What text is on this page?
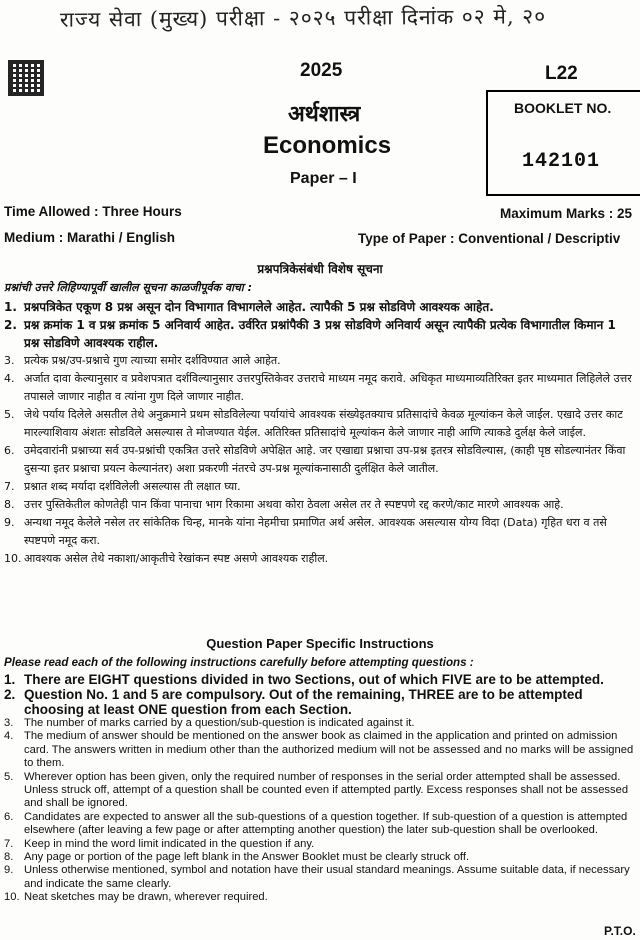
राज्य सेवा (मुख्य) परीक्षा - २०२५ परीक्षा दिनांक ०२ मे, २०
2025	L22
अर्थशास्त्र
Economics
Paper – I
BOOKLET NO.
142101
Time Allowed : Three Hours	Maximum Marks : 25
Medium : Marathi / English	Type of Paper : Conventional / Descriptiv
प्रश्नपत्रिकेसंबंधी विशेष सूचना
प्रश्नांची उत्तरे लिहिण्यापूर्वी खालील सूचना काळजीपूर्वक वाचा :
1. प्रश्नपत्रिकेत एकूण 8 प्रश्न असून दोन विभागात विभागलेले आहेत. त्यापैकी 5 प्रश्न सोडविणे आवश्यक आहेत.
2. प्रश्न क्रमांक 1 व प्रश्न क्रमांक 5 अनिवार्य आहेत. उर्वरित प्रश्नांपैकी 3 प्रश्न सोडविणे अनिवार्य असून त्यापैकी प्रत्येक विभागातील किमान 1 प्रश्न सोडविणे आवश्यक राहील.
3. प्रत्येक प्रश्न/उप-प्रश्नाचे गुण त्याच्या समोर दर्शविण्यात आले आहेत.
4. अर्जात दावा केल्यानुसार व प्रवेशपत्रात दर्शविल्यानुसार उत्तरपुस्तिकेवर उत्तराचे माध्यम नमूद करावे. अधिकृत माध्यमाव्यतिरिक्त इतर माध्यमात लिहिलेले उत्तर तपासले जाणार नाहीत व त्यांना गुण दिले जाणार नाहीत.
5. जेथे पर्याय दिलेले असतील तेथे अनुक्रमाने प्रथम सोडविलेल्या पर्यायांचे आवश्यक संख्येइतक्याच प्रतिसादांचे केवळ मूल्यांकन केले जाईल. एखादे उत्तर काट मारल्याशिवाय अंशतः सोडविले असल्यास ते मोजण्यात येईल. अतिरिक्त प्रतिसादांचे मूल्यांकन केले जाणार नाही आणि त्याकडे दुर्लक्ष केले जाईल.
6. उमेदवारांनी प्रश्नाच्या सर्व उप-प्रश्नांची एकत्रित उत्तरे सोडविणे अपेक्षित आहे. जर एखाद्या प्रश्नाचा उप-प्रश्न इतरत्र सोडविल्यास, (काही पृष्ठ सोडल्यानंतर किंवा दुसऱ्या इतर प्रश्नाचा प्रयत्न केल्यानंतर) अशा प्रकरणी नंतरचे उप-प्रश्न मूल्यांकनासाठी दुर्लक्षित केले जातील.
7. प्रश्नात शब्द मर्यादा दर्शविलेली असल्यास ती लक्षात घ्या.
8. उत्तर पुस्तिकेतील कोणतेही पान किंवा पानाचा भाग रिकामा अथवा कोरा ठेवला असेल तर ते स्पष्टपणे रद्द करणे/काट मारणे आवश्यक आहे.
9. अन्यथा नमूद केलेले नसेल तर सांकेतिक चिन्ह, मानके यांना नेहमीचा प्रमाणित अर्थ असेल. आवश्यक असल्यास योग्य विदा (Data) गृहित धरा व तसे स्पष्टपणे नमूद करा.
10. आवश्यक असेल तेथे नकाशा/आकृतीचे रेखांकन स्पष्ट असणे आवश्यक राहील.
Question Paper Specific Instructions
Please read each of the following instructions carefully before attempting questions :
1. There are EIGHT questions divided in two Sections, out of which FIVE are to be attempted.
2. Question No. 1 and 5 are compulsory. Out of the remaining, THREE are to be attempted choosing at least ONE question from each Section.
3. The number of marks carried by a question/sub-question is indicated against it.
4. The medium of answer should be mentioned on the answer book as claimed in the application and printed on admission card. The answers written in medium other than the authorized medium will not be assessed and no marks will be assigned to them.
5. Wherever option has been given, only the required number of responses in the serial order attempted shall be assessed. Unless struck off, attempt of a question shall be counted even if attempted partly. Excess responses shall not be assessed and shall be ignored.
6. Candidates are expected to answer all the sub-questions of a question together. If sub-question of a question is attempted elsewhere (after leaving a few page or after attempting another question) the later sub-question shall be overlooked.
7. Keep in mind the word limit indicated in the question if any.
8. Any page or portion of the page left blank in the Answer Booklet must be clearly struck off.
9. Unless otherwise mentioned, symbol and notation have their usual standard meanings. Assume suitable data, if necessary and indicate the same clearly.
10. Neat sketches may be drawn, wherever required.
P.T.O.
